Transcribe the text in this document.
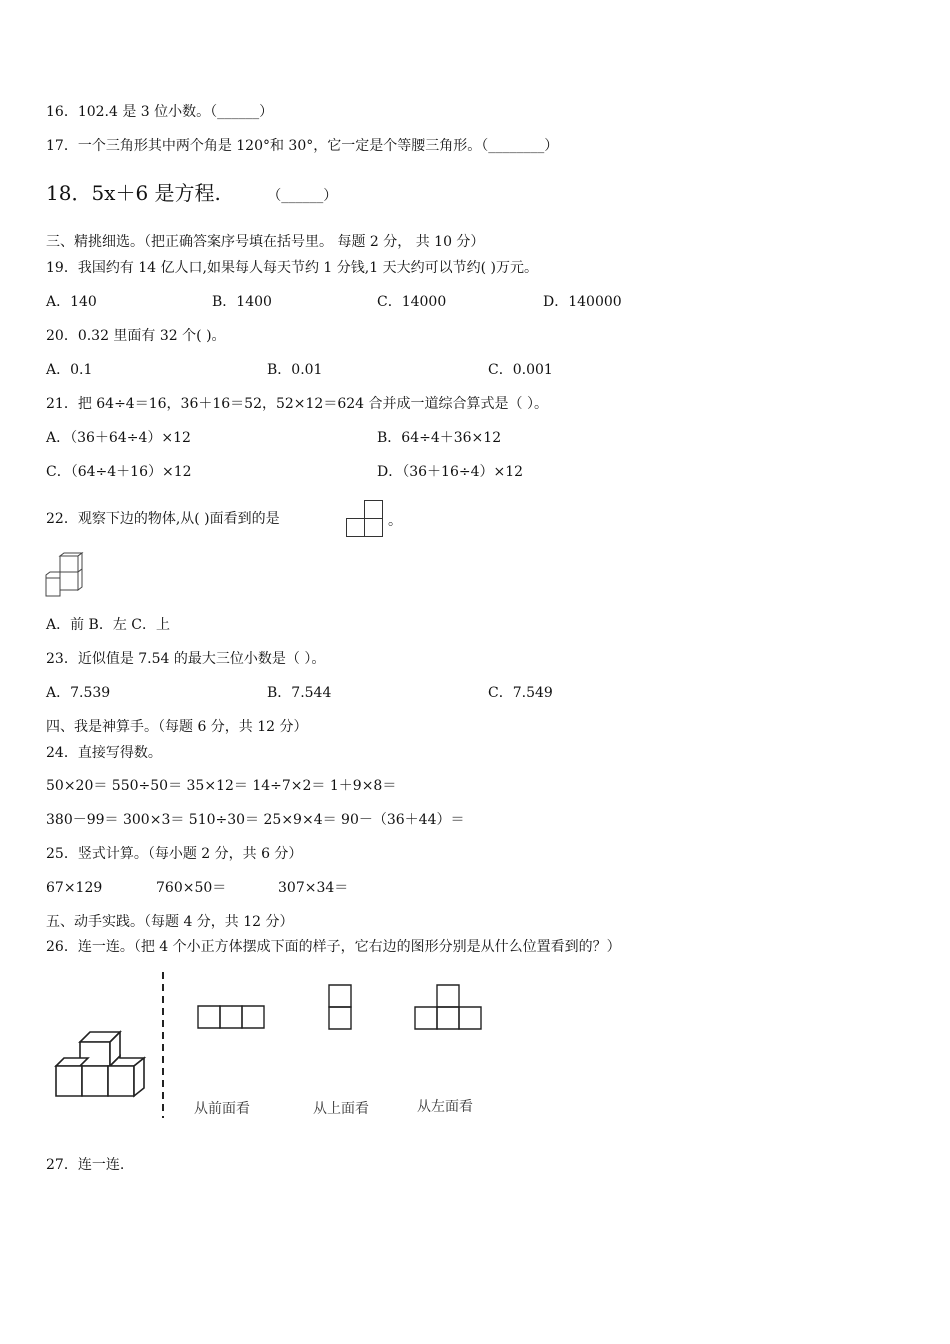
16．102.4 是 3 位小数。（______）
17．一个三角形其中两个角是 120°和 30°，它一定是个等腰三角形。（________）
18．5x＋6 是方程.	（______）
三、精挑细选。（把正确答案序号填在括号里。 每题 2 分， 共 10 分）
19．我国约有 14 亿人口,如果每人每天节约 1 分钱,1 天大约可以节约( )万元。
A．140	B．1400	C．14000	D．140000
20．0.32 里面有 32 个( )。
A．0.1	B．0.01	C．0.001
21．把 64÷4＝16，36＋16＝52，52×12＝624 合并成一道综合算式是（ ）。
A．（36＋64÷4）×12	B．64÷4＋36×12
C．（64÷4＋16）×12	D．（36＋16÷4）×12
22．观察下边的物体,从( )面看到的是	。
A．前 B．左 C．上
23．近似值是 7.54 的最大三位小数是（ ）。
A．7.539	B．7.544	C．7.549
四、我是神算手。（每题 6 分，共 12 分）
24．直接写得数。
50×20＝ 550÷50＝ 35×12＝ 14÷7×2＝ 1＋9×8＝
380－99＝ 300×3＝ 510÷30＝ 25×9×4＝ 90－（36＋44）＝
25．竖式计算。（每小题 2 分，共 6 分）
67×129	760×50＝	307×34＝
五、动手实践。（每题 4 分，共 12 分）
26．连一连。（把 4 个小正方体摆成下面的样子，它右边的图形分别是从什么位置看到的？）
从前面看	从上面看	从左面看
27．连一连.
